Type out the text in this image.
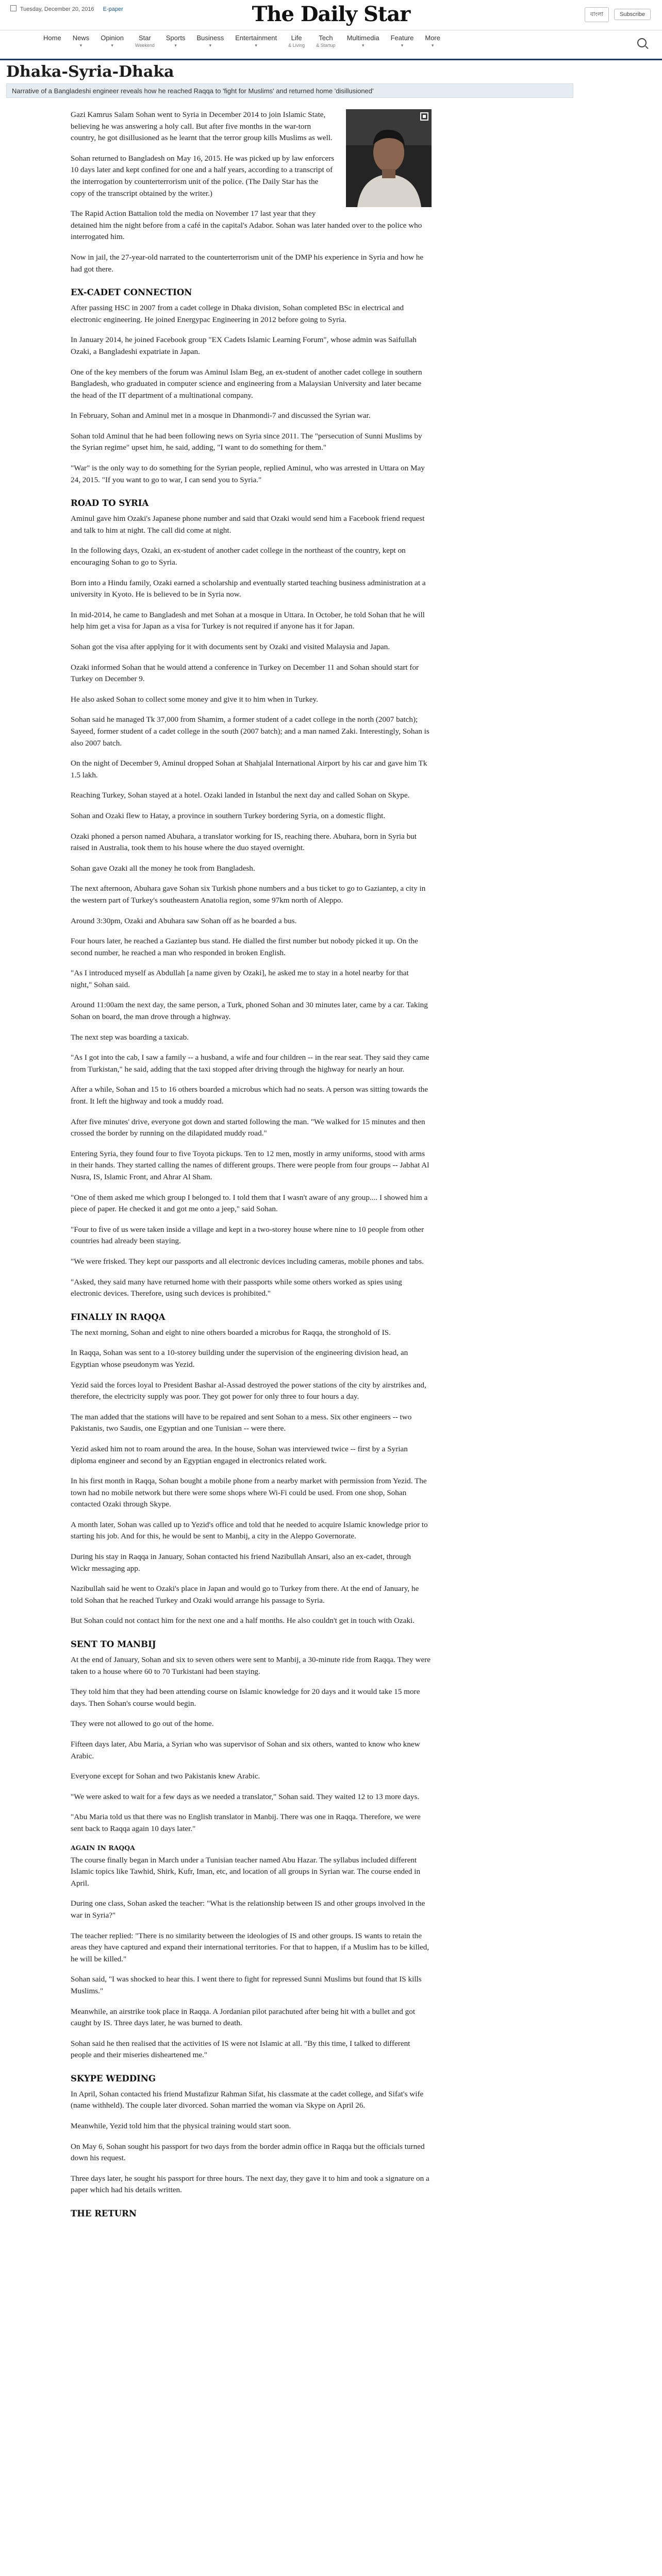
Tuesday, December 20, 2016 E-paper	The Daily Star	বাংলা	Subscribe
Home News
▾
Opinion
▾
Star
Weekend
Sports
▾
Business
▾
Entertainment
▾
Life
& Living
Tech
& Startup
Multimedia
▾
Feature
▾
More
▾
Dhaka-Syria-Dhaka
Narrative of a Bangladeshi engineer reveals how he reached Raqqa to 'fight for Muslims' and returned home 'disillusioned'

Gazi Kamrus Salam Sohan went to Syria in December 2014 to join Islamic State, believing he was answering a holy call. But after five months in the war-torn country, he got disillusioned as he learnt that the terror group kills Muslims as well.

Sohan returned to Bangladesh on May 16, 2015. He was picked up by law enforcers 10 days later and kept confined for one and a half years, according to a transcript of the interrogation by counterterrorism unit of the police. (The Daily Star has the copy of the transcript obtained by the writer.)

The Rapid Action Battalion told the media on November 17 last year that they detained him the night before from a café in the capital's Adabor. Sohan was later handed over to the police who interrogated him.

Now in jail, the 27-year-old narrated to the counterterrorism unit of the DMP his experience in Syria and how he had got there.

EX-CADET CONNECTION

After passing HSC in 2007 from a cadet college in Dhaka division, Sohan completed BSc in electrical and electronic engineering. He joined Energypac Engineering in 2012 before going to Syria.

In January 2014, he joined Facebook group "EX Cadets Islamic Learning Forum", whose admin was Saifullah Ozaki, a Bangladeshi expatriate in Japan.

One of the key members of the forum was Aminul Islam Beg, an ex-student of another cadet college in southern Bangladesh, who graduated in computer science and engineering from a Malaysian University and later became the head of the IT department of a multinational company.

In February, Sohan and Aminul met in a mosque in Dhanmondi-7 and discussed the Syrian war.

Sohan told Aminul that he had been following news on Syria since 2011. The "persecution of Sunni Muslims by the Syrian regime" upset him, he said, adding, "I want to do something for them."

"War" is the only way to do something for the Syrian people, replied Aminul, who was arrested in Uttara on May 24, 2015. "If you want to go to war, I can send you to Syria."

ROAD TO SYRIA

Aminul gave him Ozaki's Japanese phone number and said that Ozaki would send him a Facebook friend request and talk to him at night. The call did come at night.

In the following days, Ozaki, an ex-student of another cadet college in the northeast of the country, kept on encouraging Sohan to go to Syria.

Born into a Hindu family, Ozaki earned a scholarship and eventually started teaching business administration at a university in Kyoto. He is believed to be in Syria now.

In mid-2014, he came to Bangladesh and met Sohan at a mosque in Uttara. In October, he told Sohan that he will help him get a visa for Japan as a visa for Turkey is not required if anyone has it for Japan.

Sohan got the visa after applying for it with documents sent by Ozaki and visited Malaysia and Japan.

Ozaki informed Sohan that he would attend a conference in Turkey on December 11 and Sohan should start for Turkey on December 9.

He also asked Sohan to collect some money and give it to him when in Turkey.

Sohan said he managed Tk 37,000 from Shamim, a former student of a cadet college in the north (2007 batch); Sayeed, former student of a cadet college in the south (2007 batch); and a man named Zaki. Interestingly, Sohan is also 2007 batch.

On the night of December 9, Aminul dropped Sohan at Shahjalal International Airport by his car and gave him Tk 1.5 lakh.

Reaching Turkey, Sohan stayed at a hotel. Ozaki landed in Istanbul the next day and called Sohan on Skype.

Sohan and Ozaki flew to Hatay, a province in southern Turkey bordering Syria, on a domestic flight.

Ozaki phoned a person named Abuhara, a translator working for IS, reaching there. Abuhara, born in Syria but raised in Australia, took them to his house where the duo stayed overnight.

Sohan gave Ozaki all the money he took from Bangladesh.

The next afternoon, Abuhara gave Sohan six Turkish phone numbers and a bus ticket to go to Gaziantep, a city in the western part of Turkey's southeastern Anatolia region, some 97km north of Aleppo.

Around 3:30pm, Ozaki and Abuhara saw Sohan off as he boarded a bus.

Four hours later, he reached a Gaziantep bus stand. He dialled the first number but nobody picked it up. On the second number, he reached a man who responded in broken English.

"As I introduced myself as Abdullah [a name given by Ozaki], he asked me to stay in a hotel nearby for that night," Sohan said.

Around 11:00am the next day, the same person, a Turk, phoned Sohan and 30 minutes later, came by a car. Taking Sohan on board, the man drove through a highway.

The next step was boarding a taxicab.

"As I got into the cab, I saw a family -- a husband, a wife and four children -- in the rear seat. They said they came from Turkistan," he said, adding that the taxi stopped after driving through the highway for nearly an hour.

After a while, Sohan and 15 to 16 others boarded a microbus which had no seats. A person was sitting towards the front. It left the highway and took a muddy road.

After five minutes' drive, everyone got down and started following the man. "We walked for 15 minutes and then crossed the border by running on the dilapidated muddy road."

Entering Syria, they found four to five Toyota pickups. Ten to 12 men, mostly in army uniforms, stood with arms in their hands. They started calling the names of different groups. There were people from four groups -- Jabhat Al Nusra, IS, Islamic Front, and Ahrar Al Sham.

"One of them asked me which group I belonged to. I told them that I wasn't aware of any group.... I showed him a piece of paper. He checked it and got me onto a jeep," said Sohan.

"Four to five of us were taken inside a village and kept in a two-storey house where nine to 10 people from other countries had already been staying.

"We were frisked. They kept our passports and all electronic devices including cameras, mobile phones and tabs.

"Asked, they said many have returned home with their passports while some others worked as spies using electronic devices. Therefore, using such devices is prohibited."

FINALLY IN RAQQA

The next morning, Sohan and eight to nine others boarded a microbus for Raqqa, the stronghold of IS.

In Raqqa, Sohan was sent to a 10-storey building under the supervision of the engineering division head, an Egyptian whose pseudonym was Yezid.

Yezid said the forces loyal to President Bashar al-Assad destroyed the power stations of the city by airstrikes and, therefore, the electricity supply was poor. They got power for only three to four hours a day.

The man added that the stations will have to be repaired and sent Sohan to a mess. Six other engineers -- two Pakistanis, two Saudis, one Egyptian and one Tunisian -- were there.

Yezid asked him not to roam around the area. In the house, Sohan was interviewed twice -- first by a Syrian diploma engineer and second by an Egyptian engaged in electronics related work.

In his first month in Raqqa, Sohan bought a mobile phone from a nearby market with permission from Yezid. The town had no mobile network but there were some shops where Wi-Fi could be used. From one shop, Sohan contacted Ozaki through Skype.

A month later, Sohan was called up to Yezid's office and told that he needed to acquire Islamic knowledge prior to starting his job. And for this, he would be sent to Manbij, a city in the Aleppo Governorate.

During his stay in Raqqa in January, Sohan contacted his friend Nazibullah Ansari, also an ex-cadet, through Wickr messaging app.

Nazibullah said he went to Ozaki's place in Japan and would go to Turkey from there. At the end of January, he told Sohan that he reached Turkey and Ozaki would arrange his passage to Syria.

But Sohan could not contact him for the next one and a half months. He also couldn't get in touch with Ozaki.

SENT TO MANBIJ

At the end of January, Sohan and six to seven others were sent to Manbij, a 30-minute ride from Raqqa. They were taken to a house where 60 to 70 Turkistani had been staying.

They told him that they had been attending course on Islamic knowledge for 20 days and it would take 15 more days. Then Sohan's course would begin.

They were not allowed to go out of the home.

Fifteen days later, Abu Maria, a Syrian who was supervisor of Sohan and six others, wanted to know who knew Arabic.

Everyone except for Sohan and two Pakistanis knew Arabic.

"We were asked to wait for a few days as we needed a translator," Sohan said. They waited 12 to 13 more days.

"Abu Maria told us that there was no English translator in Manbij. There was one in Raqqa. Therefore, we were sent back to Raqqa again 10 days later."

AGAIN IN RAQQA

The course finally began in March under a Tunisian teacher named Abu Hazar. The syllabus included different Islamic topics like Tawhid, Shirk, Kufr, Iman, etc, and location of all groups in Syrian war. The course ended in April.

During one class, Sohan asked the teacher: "What is the relationship between IS and other groups involved in the war in Syria?"

The teacher replied: "There is no similarity between the ideologies of IS and other groups. IS wants to retain the areas they have captured and expand their international territories. For that to happen, if a Muslim has to be killed, he will be killed."

Sohan said, "I was shocked to hear this. I went there to fight for repressed Sunni Muslims but found that IS kills Muslims."

Meanwhile, an airstrike took place in Raqqa. A Jordanian pilot parachuted after being hit with a bullet and got caught by IS. Three days later, he was burned to death.

Sohan said he then realised that the activities of IS were not Islamic at all. "By this time, I talked to different people and their miseries disheartened me."

SKYPE WEDDING

In April, Sohan contacted his friend Mustafizur Rahman Sifat, his classmate at the cadet college, and Sifat's wife (name withheld). The couple later divorced. Sohan married the woman via Skype on April 26.

Meanwhile, Yezid told him that the physical training would start soon.

On May 6, Sohan sought his passport for two days from the border admin office in Raqqa but the officials turned down his request.

Three days later, he sought his passport for three hours. The next day, they gave it to him and took a signature on a paper which had his details written.

THE RETURN
